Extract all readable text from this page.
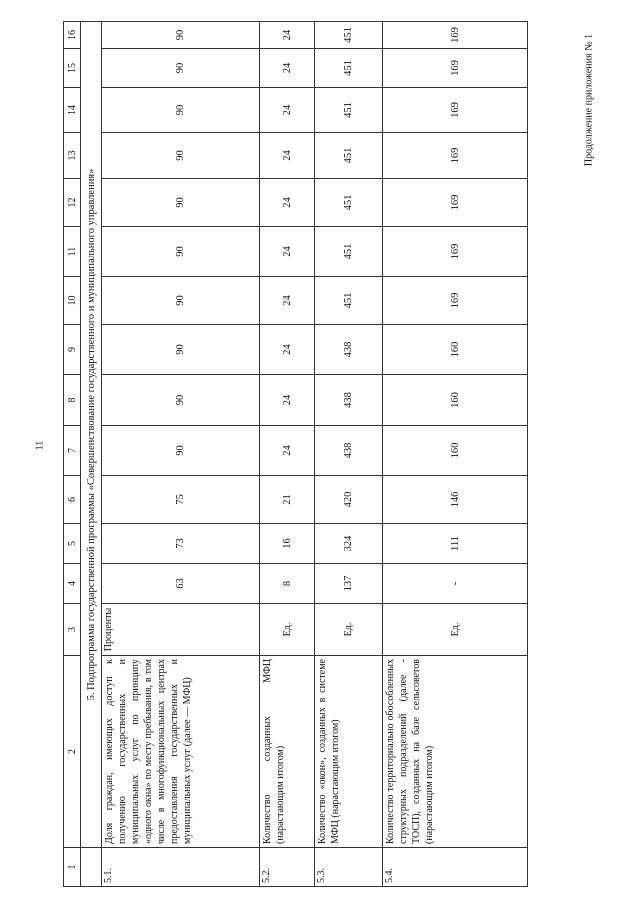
11
Продолжение приложения № 1
1	2	3	4	5	6	7	8	9	10	11	12	13	14	15	16
	5. Подпрограмма государственной программы «Совершенствование государственного и муниципального управления»														
5.1.	Доля граждан, имеющих доступ к получению государственных и муниципальных услуг по принципу «одного окна» по месту пребывания, в том числе в многофункциональных центрах предоставления государственных и муниципальных услуг (далее — МФЦ)	Проценты	63	73	75	90	90	90	90	90	90	90	90	90	90
5.2.	Количество созданных МФЦ (нарастающим итогом)	Ед.	8	16	21	24	24	24	24	24	24	24	24	24	24
5.3.	Количество «окон», созданных в системе МФЦ (нарастающим итогом)	Ед.	137	324	420	438	438	438	451	451	451	451	451	451	451
5.4.	Количество территориально обособленных структурных подразделений (далее - ТОСП), созданных на базе сельсоветов (нарастающим итогом)	Ед.	-	111	146	160	160	160	169	169	169	169	169	169	169
